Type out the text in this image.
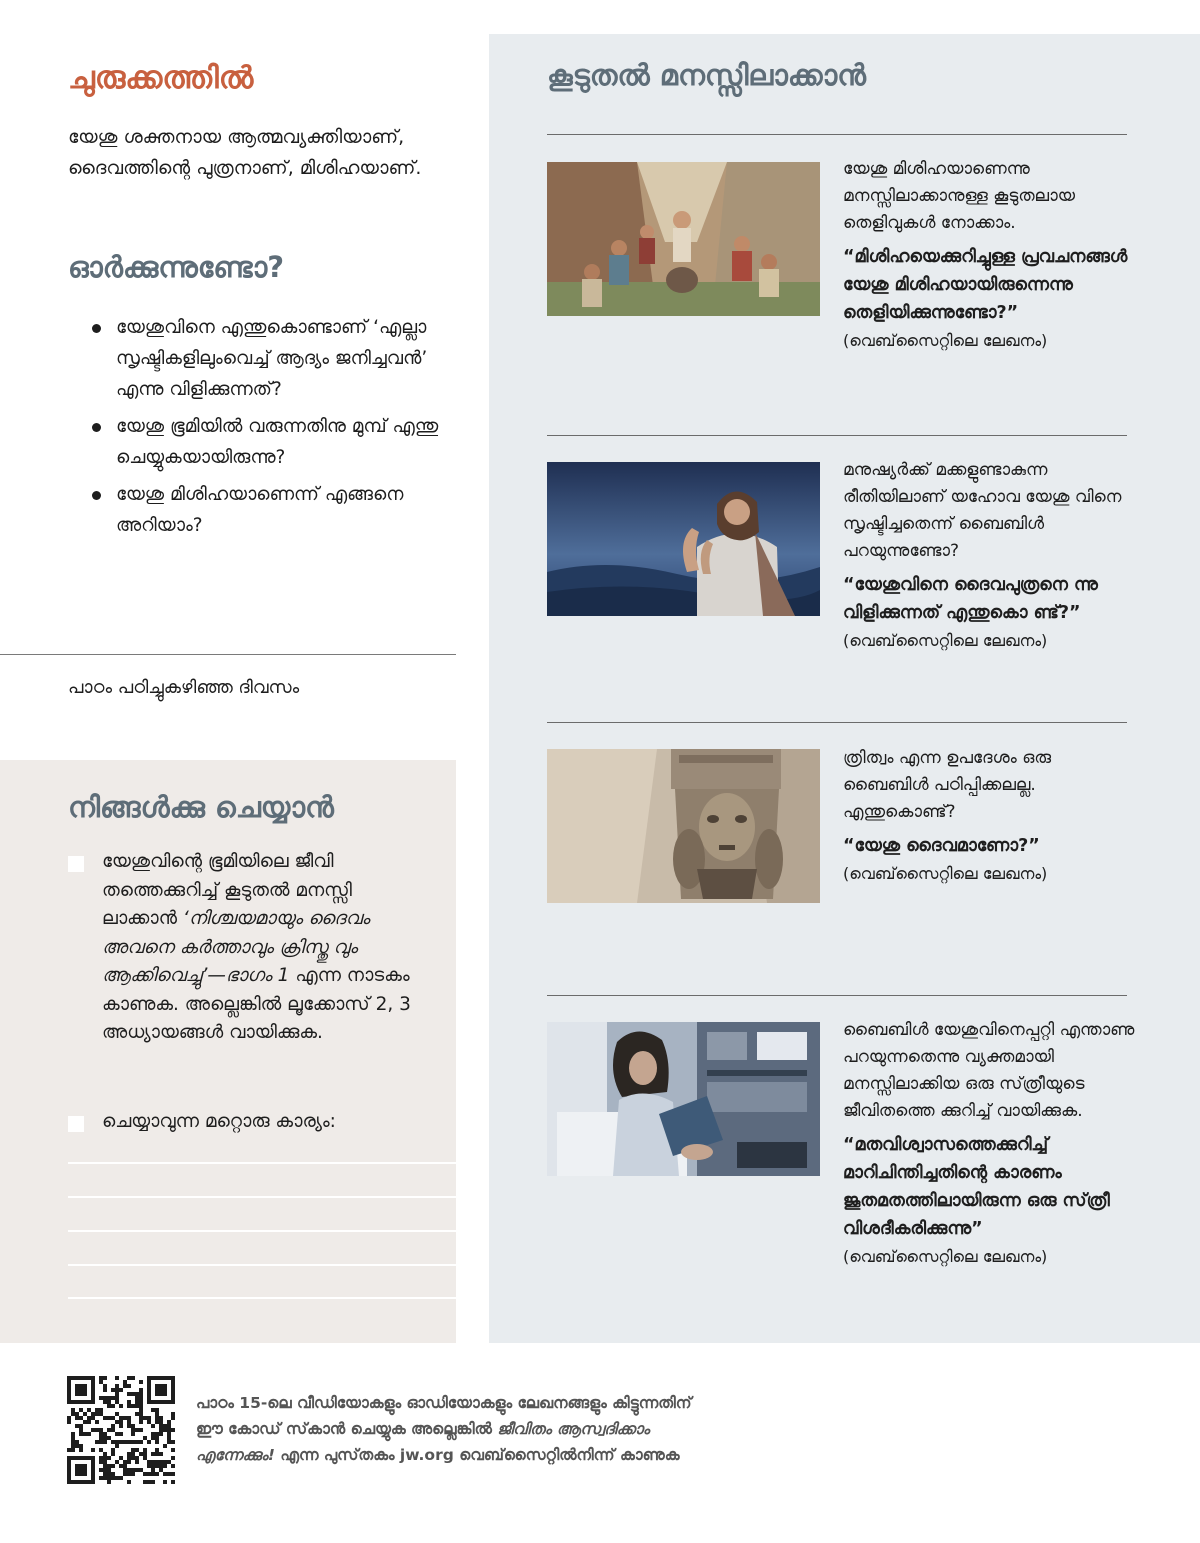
ചുരുക്കത്തിൽ
യേശു ശക്തനായ ആത്മവ്യക്തിയാണ്, ദൈവത്തിന്റെ പുത്രനാണ്, മിശിഹയാണ്.
ഓർക്കുന്നുണ്ടോ?
യേശുവിനെ എന്തുകൊണ്ടാണ് ‘എല്ലാ സൃഷ്ടികളിലുംവെച്ച് ആദ്യം ജനിച്ചവൻ’ എന്നു വിളിക്കുന്നത്?
യേശു ഭൂമിയിൽ വരുന്നതിനു മുമ്പ് എന്തു ചെയ്യുകയായിരുന്നു?
യേശു മിശിഹയാണെന്ന് എങ്ങനെ അറിയാം?
പാഠം പഠിച്ചുകഴിഞ്ഞ ദിവസം
നിങ്ങൾക്കു ചെയ്യാൻ
യേശുവിന്റെ ഭൂമിയിലെ ജീവി തത്തെക്കുറിച്ച് കൂടുതൽ മനസ്സി ലാക്കാൻ ‘നിശ്ചയമായും ദൈവം അവനെ കർത്താവും ക്രിസ്തു വും ആക്കിവെച്ചു’—ഭാഗം 1 എന്ന നാടകം കാണുക. അല്ലെങ്കിൽ ലൂക്കോസ് 2, 3 അധ്യായങ്ങൾ വായിക്കുക.
ചെയ്യാവുന്ന മറ്റൊരു കാര്യം:
കൂടുതൽ മനസ്സിലാക്കാൻ
യേശു മിശിഹയാണെന്നു മനസ്സിലാക്കാനുള്ള കൂടുതലായ തെളിവുകൾ നോക്കാം.
“മിശിഹയെക്കുറിച്ചുള്ള പ്രവചനങ്ങൾ യേശു മിശിഹയായിരുന്നെന്നു തെളിയിക്കുന്നുണ്ടോ?”
(വെബ്‌സൈറ്റിലെ ലേഖനം)
മനുഷ്യർക്ക് മക്കളുണ്ടാകുന്ന രീതിയിലാണ് യഹോവ യേശു വിനെ സൃഷ്ടിച്ചതെന്ന് ബൈബിൾ പറയുന്നുണ്ടോ?
“യേശുവിനെ ദൈവപുത്രനെ ന്നു വിളിക്കുന്നത് എന്തുകൊ ണ്ട്?” (വെബ്‌സൈറ്റിലെ ലേഖനം)
ത്രിത്വം എന്ന ഉപദേശം ഒരു ബൈബിൾ പഠിപ്പിക്കലല്ല. എന്തുകൊണ്ട്?
“യേശു ദൈവമാണോ?”
(വെബ്‌സൈറ്റിലെ ലേഖനം)
ബൈബിൾ യേശുവിനെപ്പറ്റി എന്താണു പറയുന്നതെന്നു വ്യക്തമായി മനസ്സിലാക്കിയ ഒരു സ്‌ത്രീയുടെ ജീവിതത്തെ ക്കുറിച്ച് വായിക്കുക.
“മതവിശ്വാസത്തെക്കുറിച്ച് മാറിചിന്തിച്ചതിന്റെ കാരണം ജൂതമതത്തിലായിരുന്ന ഒരു സ്‌ത്രീ വിശദീകരിക്കുന്നു”
(വെബ്‌സൈറ്റിലെ ലേഖനം)
പാഠം 15-ലെ വീഡിയോകളും ഓഡിയോകളും ലേഖനങ്ങളും കിട്ടുന്നതിന് ഈ കോഡ് സ്‌കാൻ ചെയ്യുക അല്ലെങ്കിൽ ജീവിതം ആസ്വദിക്കാം എന്നേക്കും! എന്ന പുസ്‌തകം jw.org വെബ്‌സൈറ്റിൽനിന്ന് കാണുക
